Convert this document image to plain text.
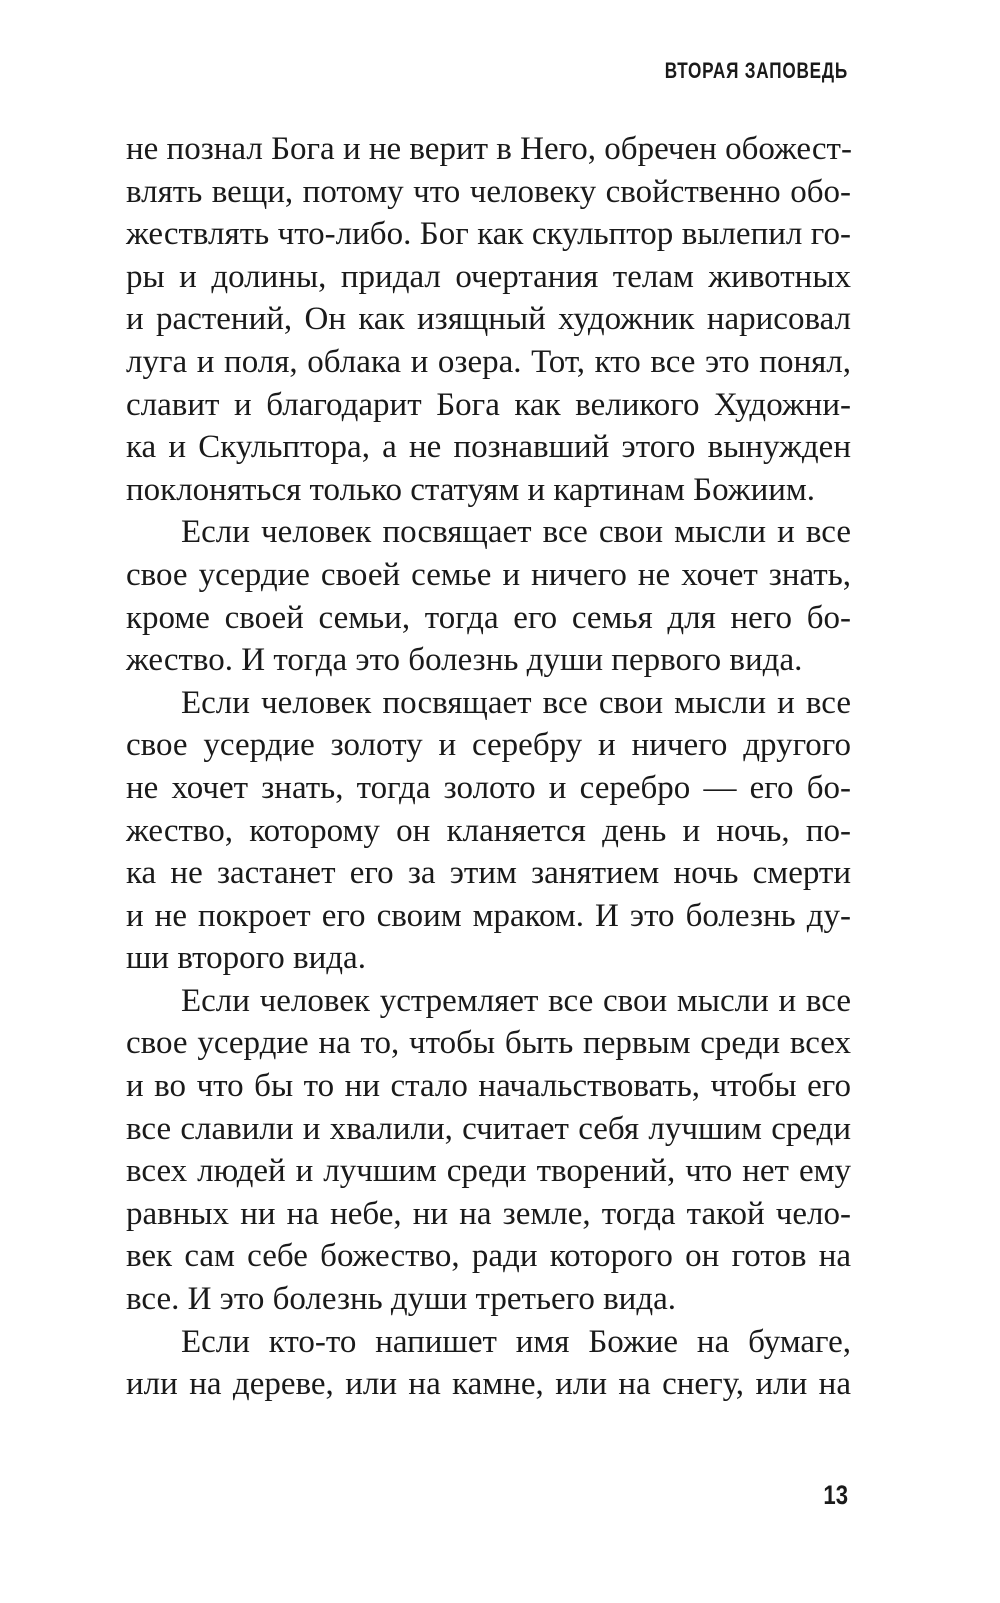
ВТОРАЯ ЗАПОВЕДЬ
не познал Бога и не верит в Него, обречен обожест-
влять вещи, потому что человеку свойственно обо-
жествлять что-либо. Бог как скульптор вылепил го-
ры и долины, придал очертания телам животных
и растений, Он как изящный художник нарисовал
луга и поля, облака и озера. Тот, кто все это понял,
славит и благодарит Бога как великого Художни-
ка и Скульптора, а не познавший этого вынужден
поклоняться только статуям и картинам Божиим.
Если человек посвящает все свои мысли и все
свое усердие своей семье и ничего не хочет знать,
кроме своей семьи, тогда его семья для него бо-
жество. И тогда это болезнь души первого вида.
Если человек посвящает все свои мысли и все
свое усердие золоту и серебру и ничего другого
не хочет знать, тогда золото и серебро — его бо-
жество, которому он кланяется день и ночь, по-
ка не застанет его за этим занятием ночь смерти
и не покроет его своим мраком. И это болезнь ду-
ши второго вида.
Если человек устремляет все свои мысли и все
свое усердие на то, чтобы быть первым среди всех
и во что бы то ни стало начальствовать, чтобы его
все славили и хвалили, считает себя лучшим среди
всех людей и лучшим среди творений, что нет ему
равных ни на небе, ни на земле, тогда такой чело-
век сам себе божество, ради которого он готов на
все. И это болезнь души третьего вида.
Если кто-то напишет имя Божие на бумаге,
или на дереве, или на камне, или на снегу, или на
13
